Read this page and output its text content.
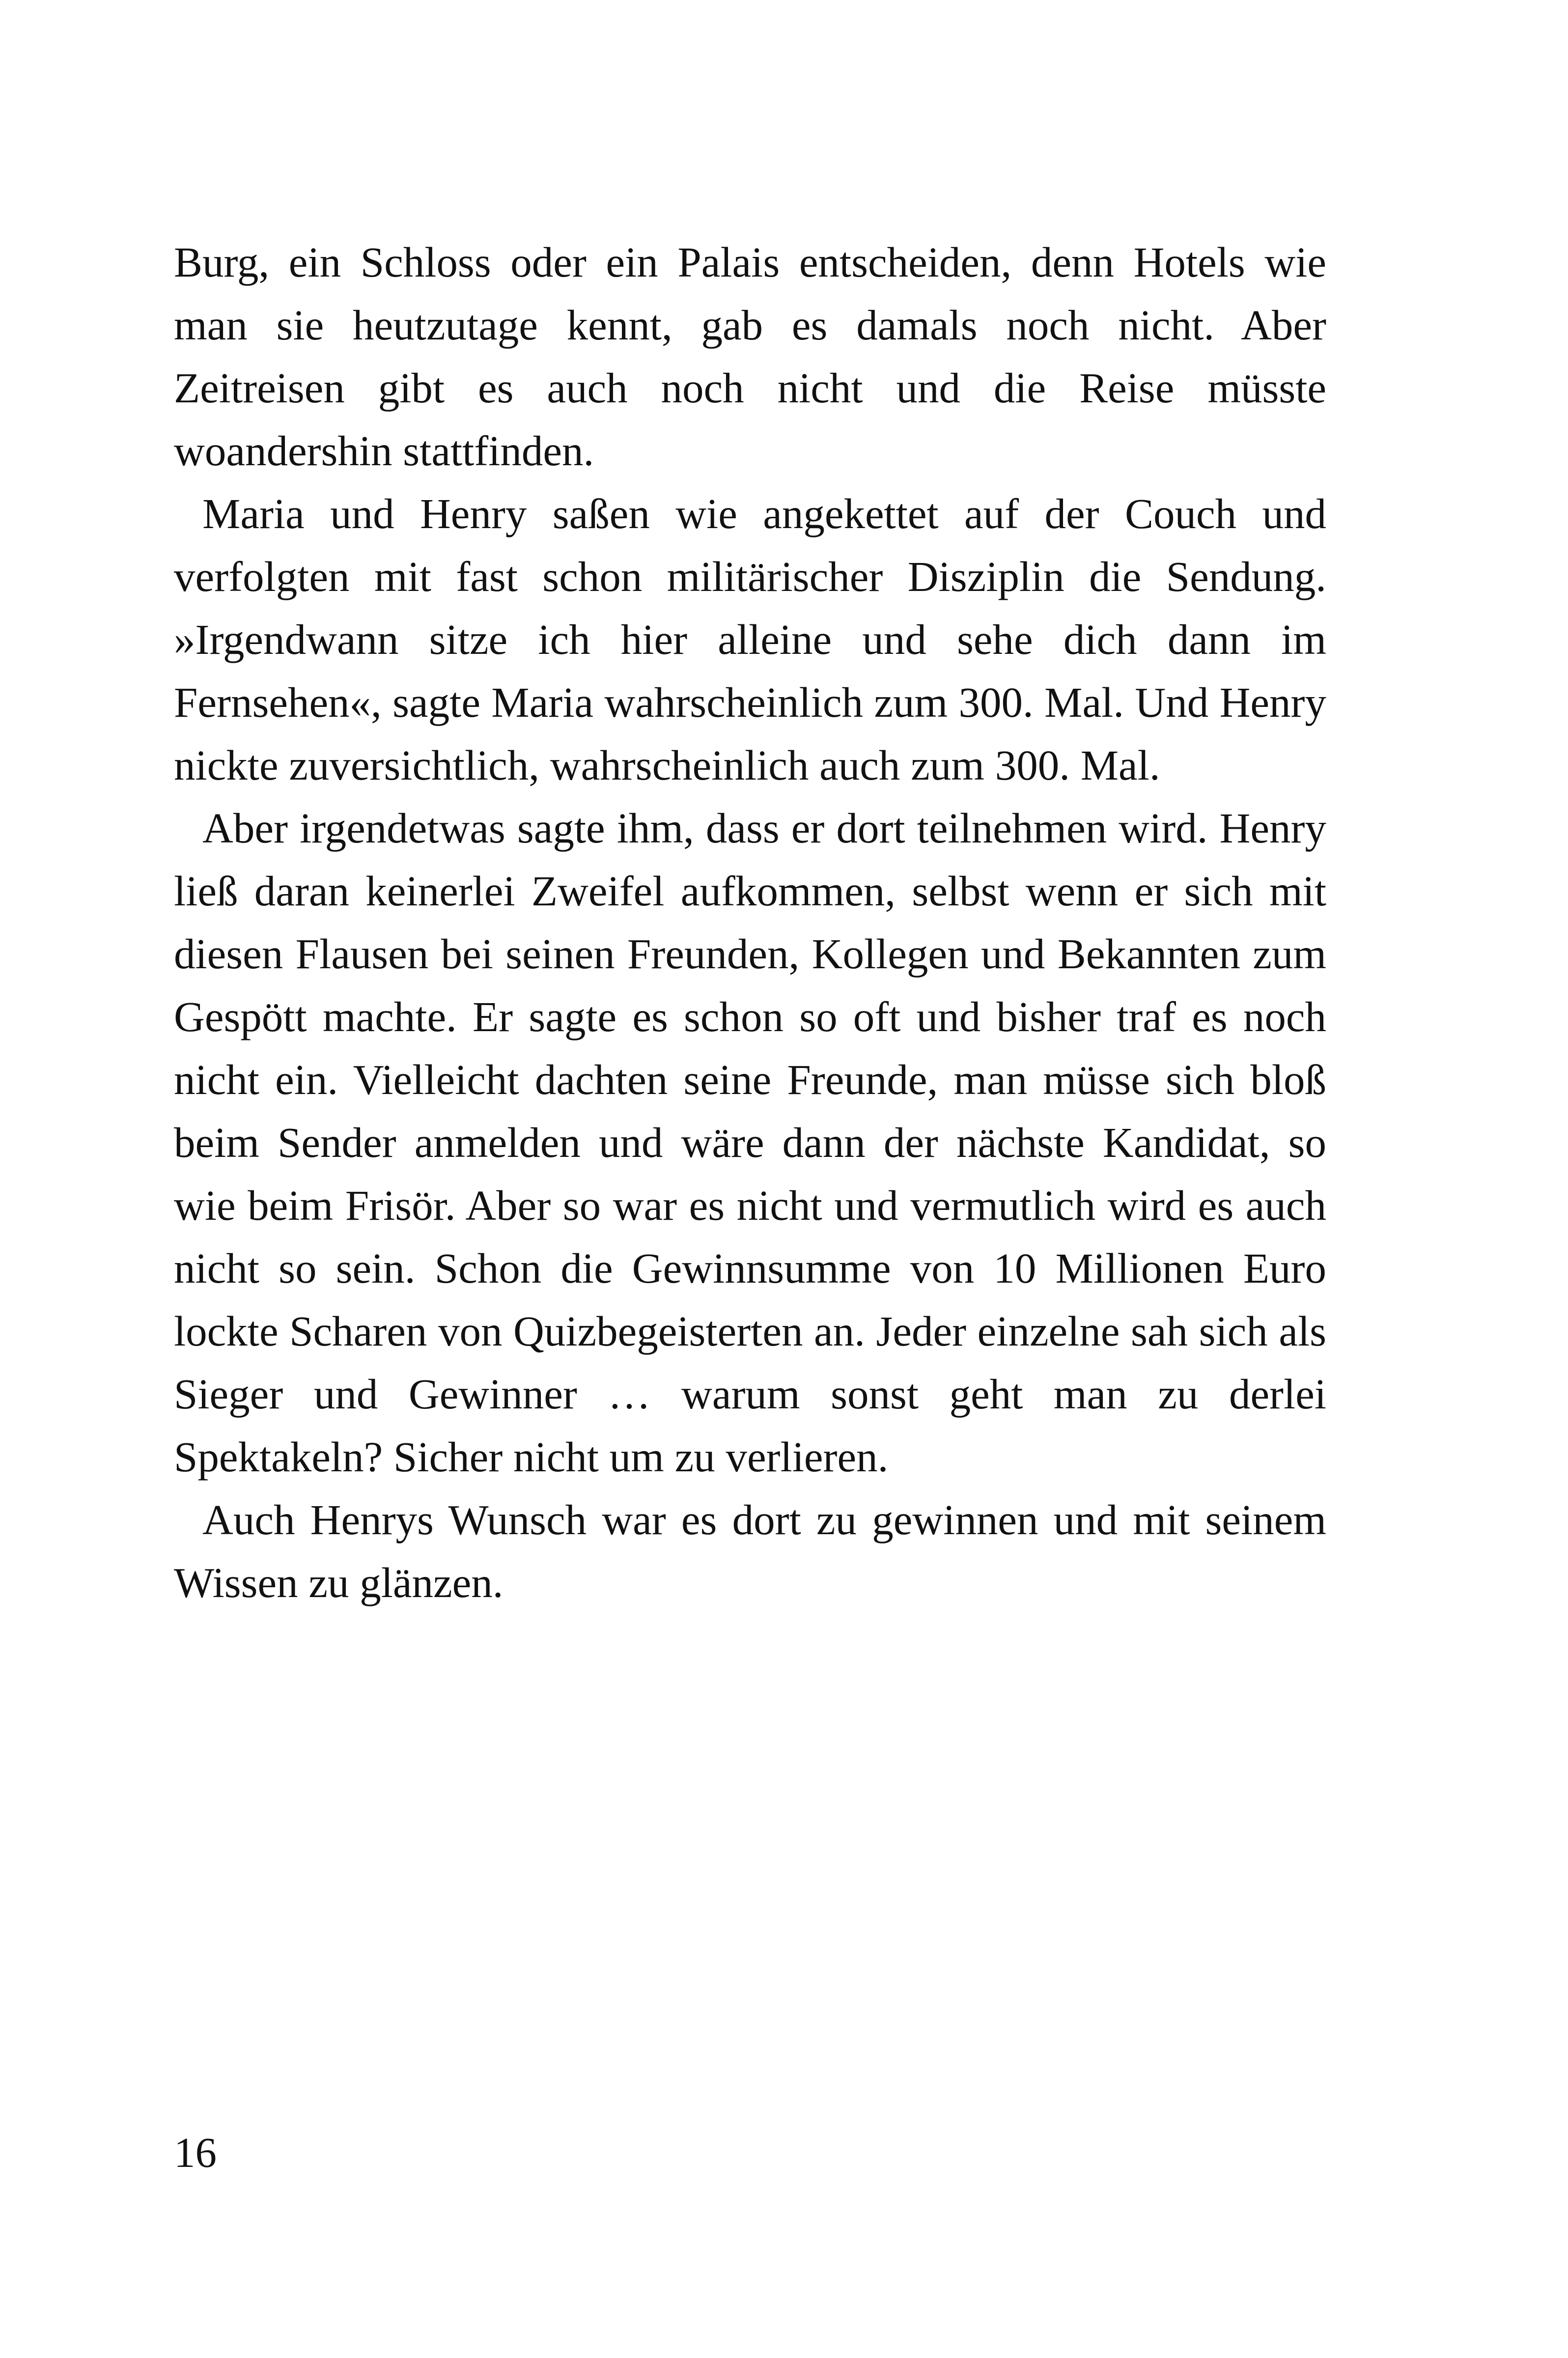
Burg, ein Schloss oder ein Palais entscheiden, denn Hotels wie man sie heutzutage kennt, gab es damals noch nicht. Aber Zeitreisen gibt es auch noch nicht und die Reise müsste woandershin stattfinden.

Maria und Henry saßen wie angekettet auf der Couch und verfolgten mit fast schon militärischer Disziplin die Sendung. »Irgendwann sitze ich hier alleine und sehe dich dann im Fernsehen«, sagte Maria wahrscheinlich zum 300. Mal. Und Henry nickte zuversichtlich, wahrscheinlich auch zum 300. Mal.

Aber irgendetwas sagte ihm, dass er dort teilnehmen wird. Henry ließ daran keinerlei Zweifel aufkommen, selbst wenn er sich mit diesen Flausen bei seinen Freunden, Kollegen und Bekannten zum Gespött machte. Er sagte es schon so oft und bisher traf es noch nicht ein. Vielleicht dachten seine Freunde, man müsse sich bloß beim Sender anmelden und wäre dann der nächste Kandidat, so wie beim Frisör. Aber so war es nicht und vermutlich wird es auch nicht so sein. Schon die Gewinnsumme von 10 Millionen Euro lockte Scharen von Quizbegeisterten an. Jeder einzelne sah sich als Sieger und Gewinner … warum sonst geht man zu derlei Spektakeln? Sicher nicht um zu verlieren.

Auch Henrys Wunsch war es dort zu gewinnen und mit seinem Wissen zu glänzen.

16
